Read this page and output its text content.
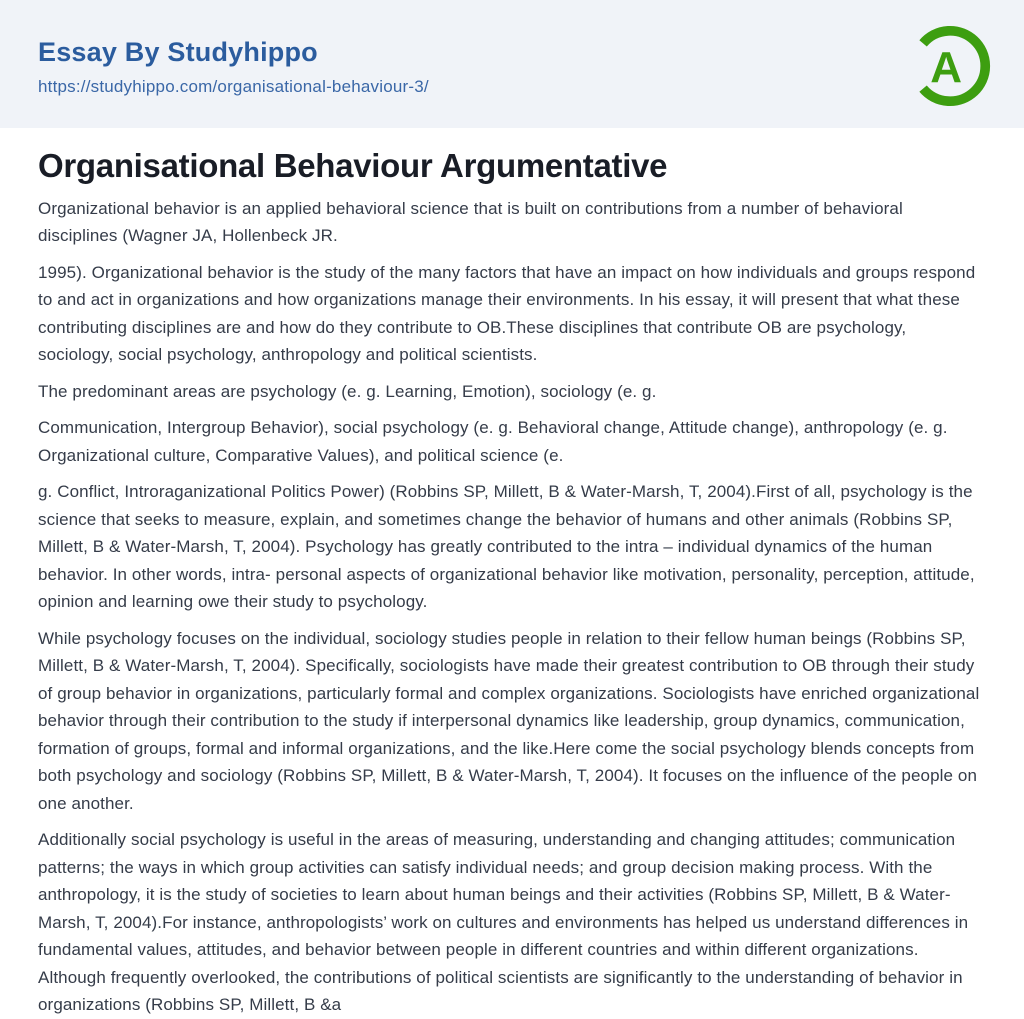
Essay By Studyhippo
https://studyhippo.com/organisational-behaviour-3/	A
Organisational Behaviour Argumentative

Organizational behavior is an applied behavioral science that is built on contributions from a number of behavioral disciplines (Wagner JA, Hollenbeck JR.

1995). Organizational behavior is the study of the many factors that have an impact on how individuals and groups respond to and act in organizations and how organizations manage their environments. In his essay, it will present that what these contributing disciplines are and how do they contribute to OB.These disciplines that contribute OB are psychology, sociology, social psychology, anthropology and political scientists.

The predominant areas are psychology (e. g. Learning, Emotion), sociology (e. g.

Communication, Intergroup Behavior), social psychology (e. g. Behavioral change, Attitude change), anthropology (e. g. Organizational culture, Comparative Values), and political science (e.

g. Conflict, Introraganizational Politics Power) (Robbins SP, Millett, B & Water-Marsh, T, 2004).First of all, psychology is the science that seeks to measure, explain, and sometimes change the behavior of humans and other animals (Robbins SP, Millett, B & Water-Marsh, T, 2004). Psychology has greatly contributed to the intra – individual dynamics of the human behavior. In other words, intra- personal aspects of organizational behavior like motivation, personality, perception, attitude, opinion and learning owe their study to psychology.

While psychology focuses on the individual, sociology studies people in relation to their fellow human beings (Robbins SP, Millett, B & Water-Marsh, T, 2004). Specifically, sociologists have made their greatest contribution to OB through their study of group behavior in organizations, particularly formal and complex organizations. Sociologists have enriched organizational behavior through their contribution to the study if interpersonal dynamics like leadership, group dynamics, communication, formation of groups, formal and informal organizations, and the like.Here come the social psychology blends concepts from both psychology and sociology (Robbins SP, Millett, B & Water-Marsh, T, 2004). It focuses on the influence of the people on one another.

Additionally social psychology is useful in the areas of measuring, understanding and changing attitudes; communication patterns; the ways in which group activities can satisfy individual needs; and group decision making process. With the anthropology, it is the study of societies to learn about human beings and their activities (Robbins SP, Millett, B & Water-Marsh, T, 2004).For instance, anthropologists’ work on cultures and environments has helped us understand differences in fundamental values, attitudes, and behavior between people in different countries and within different organizations. Although frequently overlooked, the contributions of political scientists are significantly to the understanding of behavior in organizations (Robbins SP, Millett, B &a
